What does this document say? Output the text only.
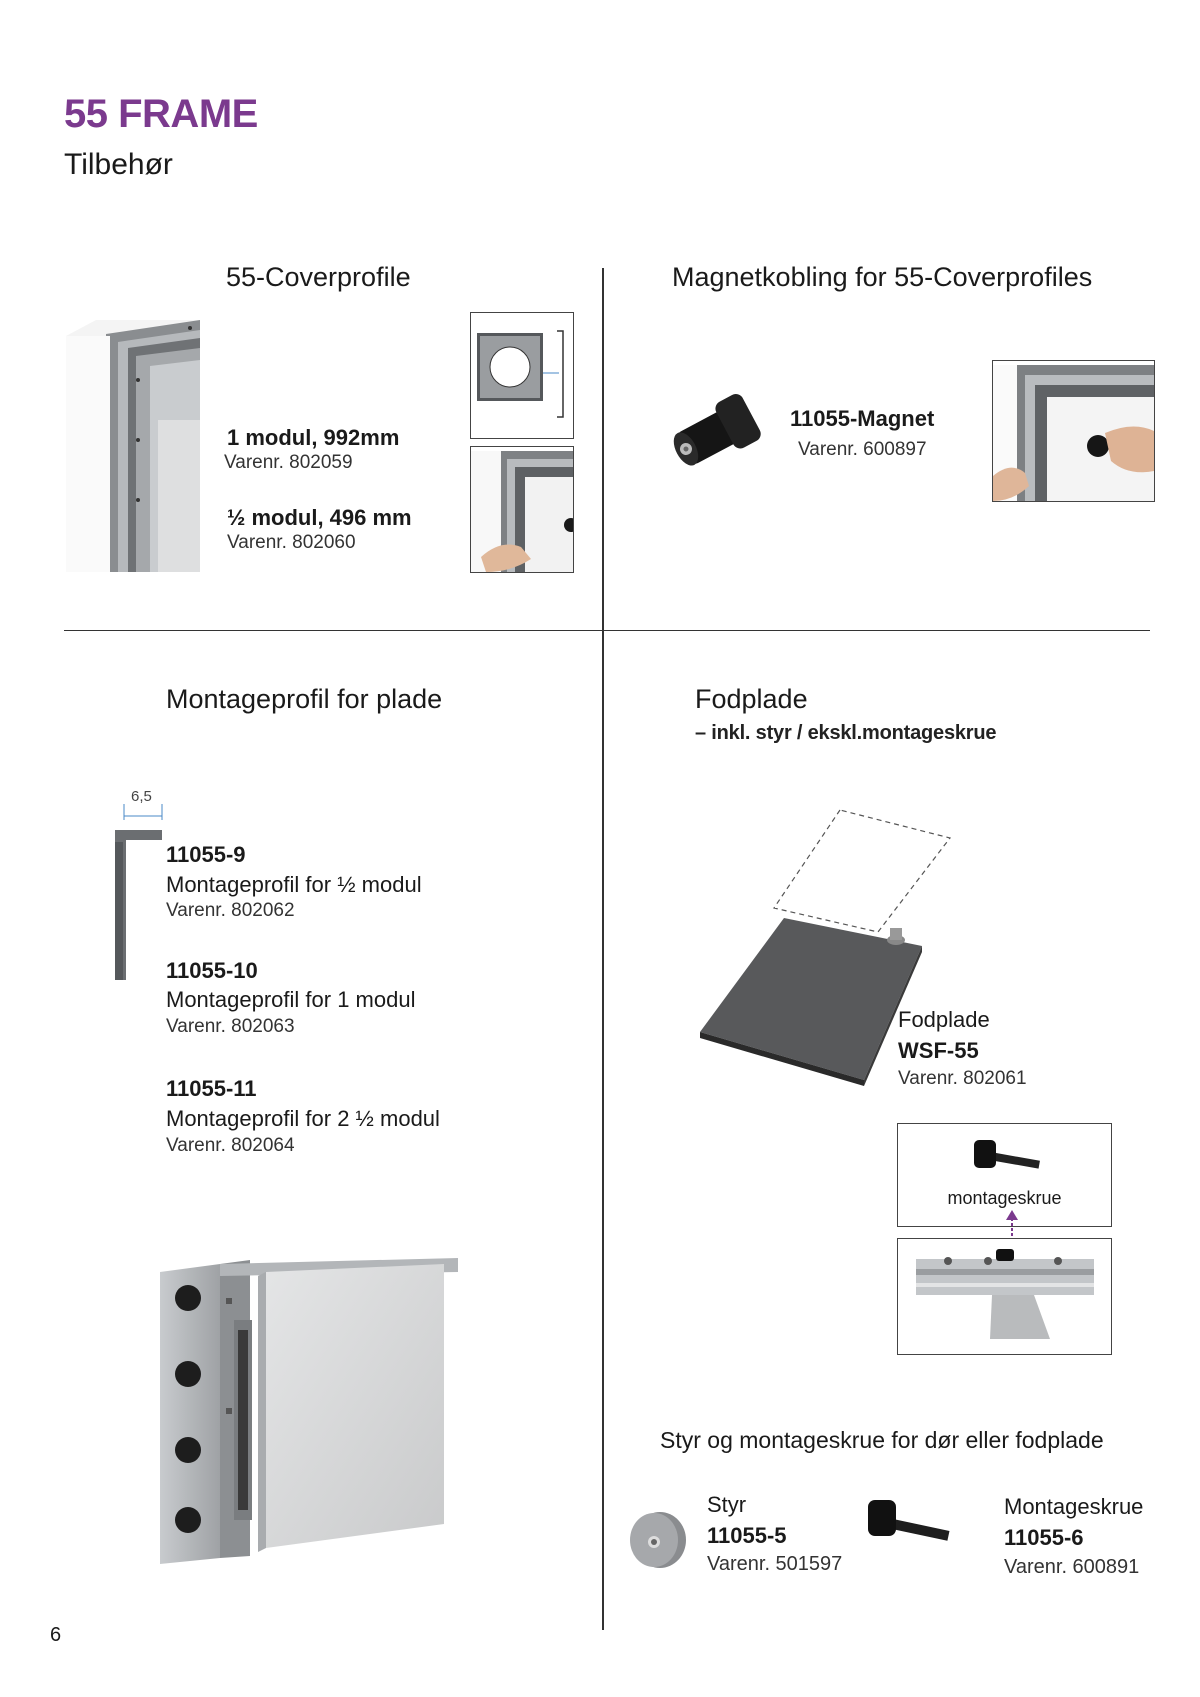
55 FRAME
Tilbehør
55-Coverprofile
1 modul, 992mm
Varenr. 802059
½ modul, 496 mm
Varenr. 802060
Magnetkobling for 55-Coverprofiles
11055-Magnet
Varenr. 600897
Montageprofil for plade
6,5
11055-9
Montageprofil for ½ modul
Varenr. 802062
11055-10
Montageprofil for 1 modul
Varenr. 802063
11055-11
Montageprofil for 2 ½ modul
Varenr. 802064
Fodplade
– inkl. styr / ekskl.montageskrue
Fodplade
WSF-55
Varenr. 802061
montageskrue
Styr og montageskrue for dør eller fodplade
Styr
11055-5
Varenr. 501597
Montageskrue
11055-6
Varenr. 600891
6
